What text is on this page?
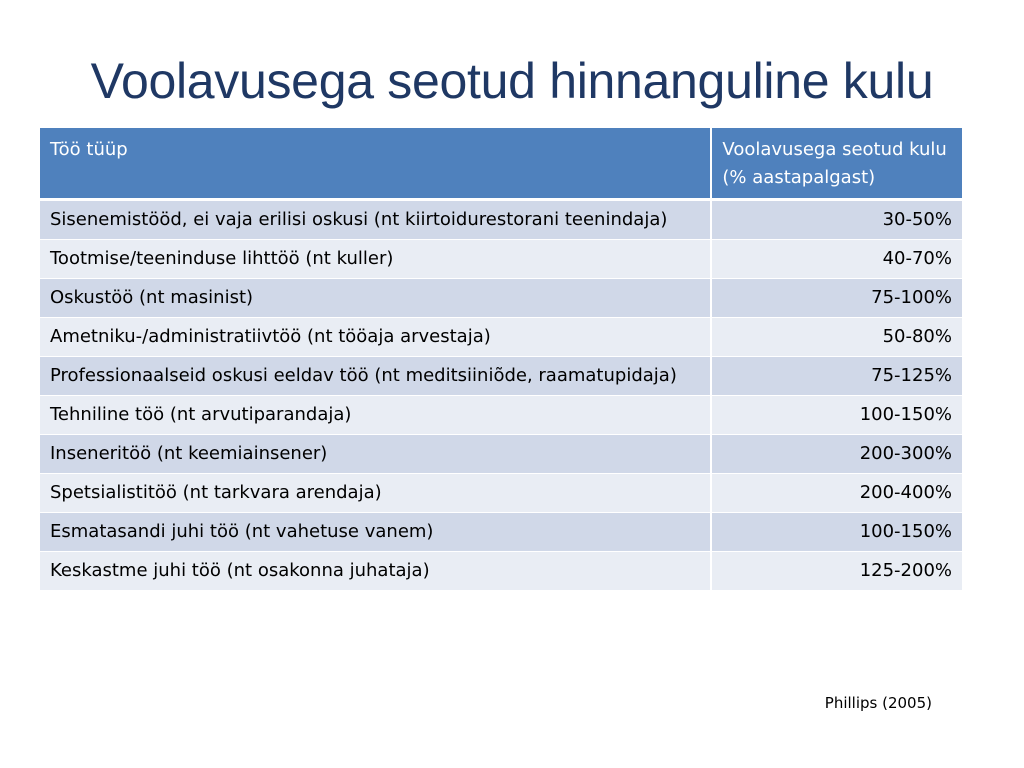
Voolavusega seotud hinnanguline kulu
Töö tüüp	Voolavusega seotud kulu (% aastapalgast)
Sisenemistööd, ei vaja erilisi oskusi (nt kiirtoidurestorani teenindaja)	30-50%
Tootmise/teeninduse lihttöö (nt kuller)	40-70%
Oskustöö (nt masinist)	75-100%
Ametniku-/administratiivtöö (nt tööaja arvestaja)	50-80%
Professionaalseid oskusi eeldav töö (nt meditsiiniõde, raamatupidaja)	75-125%
Tehniline töö (nt arvutiparandaja)	100-150%
Inseneritöö (nt keemiainsener)	200-300%
Spetsialistitöö (nt tarkvara arendaja)	200-400%
Esmatasandi juhi töö (nt vahetuse vanem)	100-150%
Keskastme juhi töö (nt osakonna juhataja)	125-200%
Phillips (2005)
